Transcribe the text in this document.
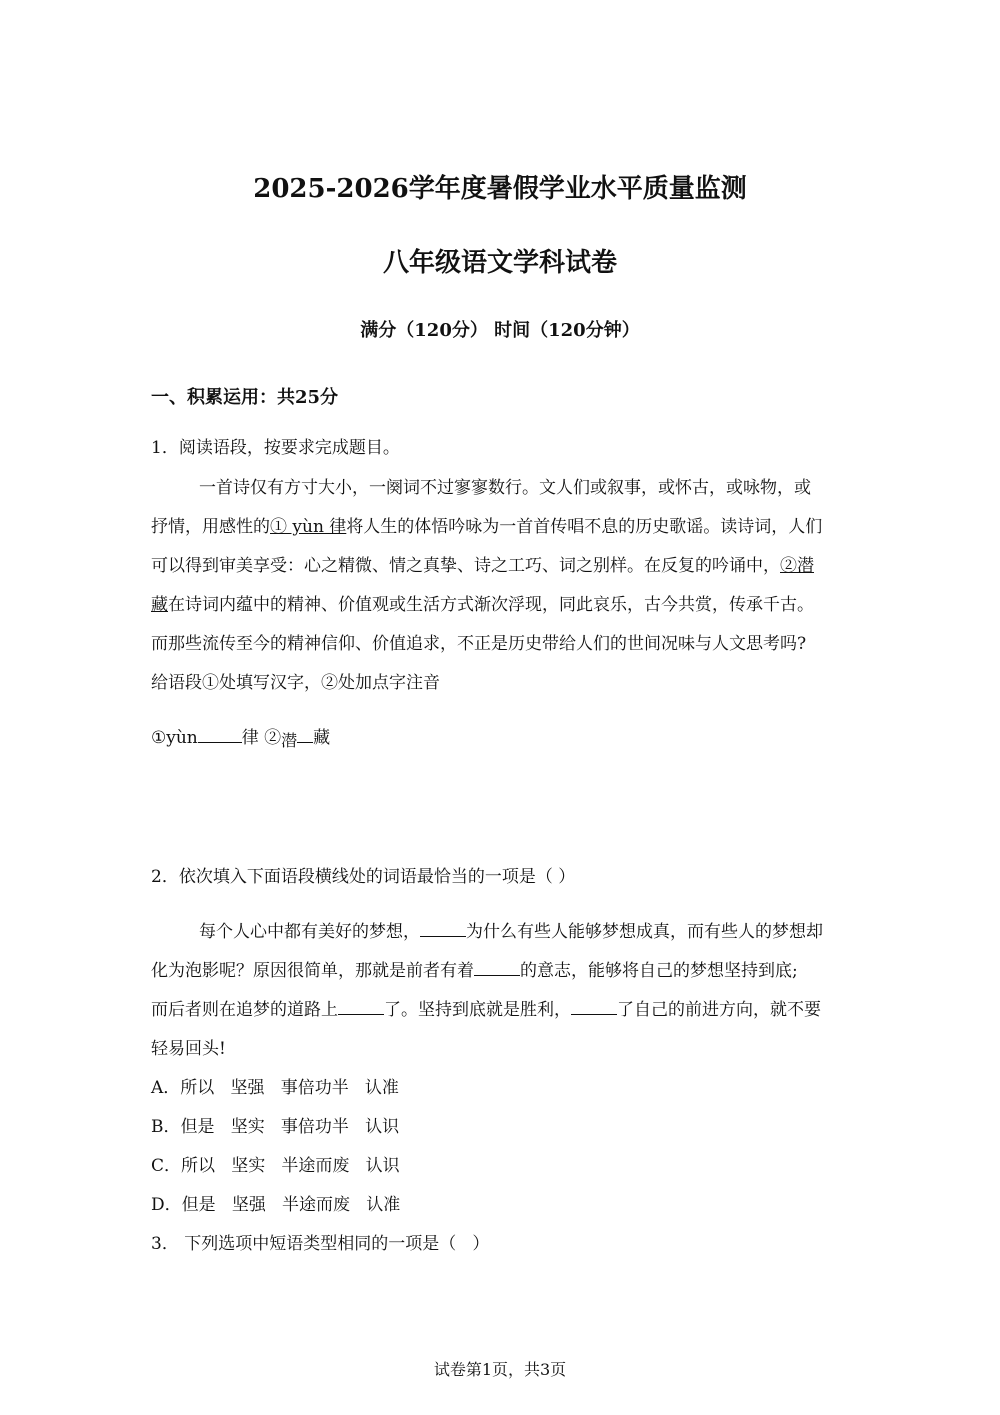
2025-2026学年度暑假学业水平质量监测
八年级语文学科试卷
满分（120分） 时间（120分钟）
一、积累运用：共25分
1．阅读语段，按要求完成题目。
一首诗仅有方寸大小，一阕词不过寥寥数行。文人们或叙事，或怀古，或咏物，或
抒情，用感性的① yùn 律将人生的体悟吟咏为一首首传唱不息的历史歌谣。读诗词，人们
可以得到审美享受：心之精微、情之真挚、诗之工巧、词之别样。在反复的吟诵中，②潜
藏在诗词内蕴中的精神、价值观或生活方式渐次浮现，同此哀乐，古今共赏，传承千古。
而那些流传至今的精神信仰、价值追求，不正是历史带给人们的世间况味与人文思考吗?
给语段①处填写汉字，②处加点字注音
①yùn	律 ②潜 藏
2．依次填入下面语段横线处的词语最恰当的一项是（ ）
每个人心中都有美好的梦想，	为什么有些人能够梦想成真，而有些人的梦想却
化为泡影呢？原因很简单，那就是前者有着	的意志，能够将自己的梦想坚持到底;
而后者则在追梦的道路上	了。坚持到底就是胜利，	了自己的前进方向，就不要
轻易回头!
A．所以   坚强   事倍功半   认准
B．但是   坚实   事倍功半   认识
C．所以   坚实   半途而废   认识
D．但是   坚强   半途而废   认准
3． 下列选项中短语类型相同的一项是（   ）
试卷第1页，共3页
